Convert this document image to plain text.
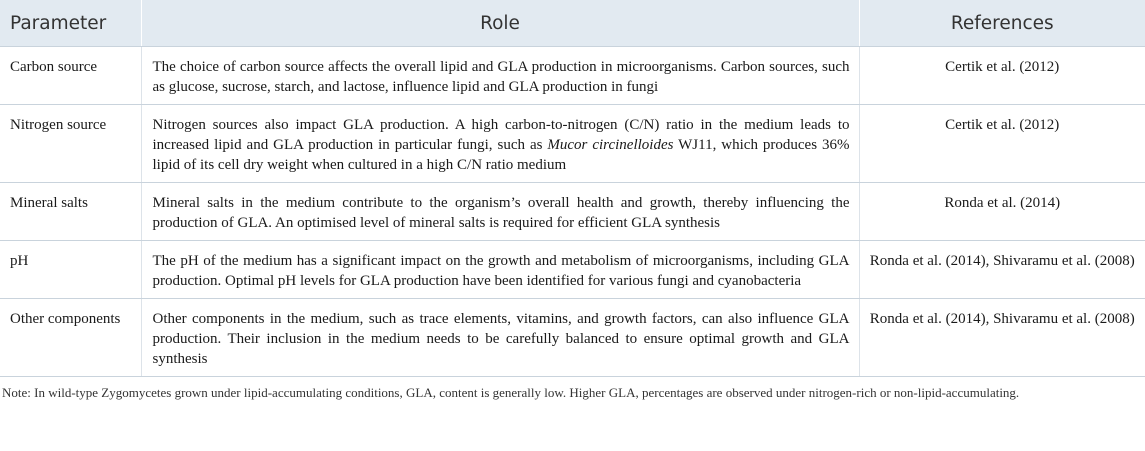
Parameter	Role	References
Carbon source	The choice of carbon source affects the overall lipid and GLA production in microorganisms. Carbon sources, such as glucose, sucrose, starch, and lactose, influence lipid and GLA production in fungi	Certik et al. (2012)
Nitrogen source	Nitrogen sources also impact GLA production. A high carbon-to-nitrogen (C/N) ratio in the medium leads to increased lipid and GLA production in particular fungi, such as Mucor circinelloides WJ11, which produces 36% lipid of its cell dry weight when cultured in a high C/N ratio medium	Certik et al. (2012)
Mineral salts	Mineral salts in the medium contribute to the organism’s overall health and growth, thereby influencing the production of GLA. An optimised level of mineral salts is required for efficient GLA synthesis	Ronda et al. (2014)
pH	The pH of the medium has a significant impact on the growth and metabolism of microorganisms, including GLA production. Optimal pH levels for GLA production have been identified for various fungi and cyanobacteria	Ronda et al. (2014), Shivaramu et al. (2008)
Other components	Other components in the medium, such as trace elements, vitamins, and growth factors, can also influence GLA production. Their inclusion in the medium needs to be carefully balanced to ensure optimal growth and GLA synthesis	Ronda et al. (2014), Shivaramu et al. (2008)
Note: In wild-type Zygomycetes grown under lipid-accumulating conditions, GLA, content is generally low. Higher GLA, percentages are observed under nitrogen-rich or non-lipid-accumulating.
